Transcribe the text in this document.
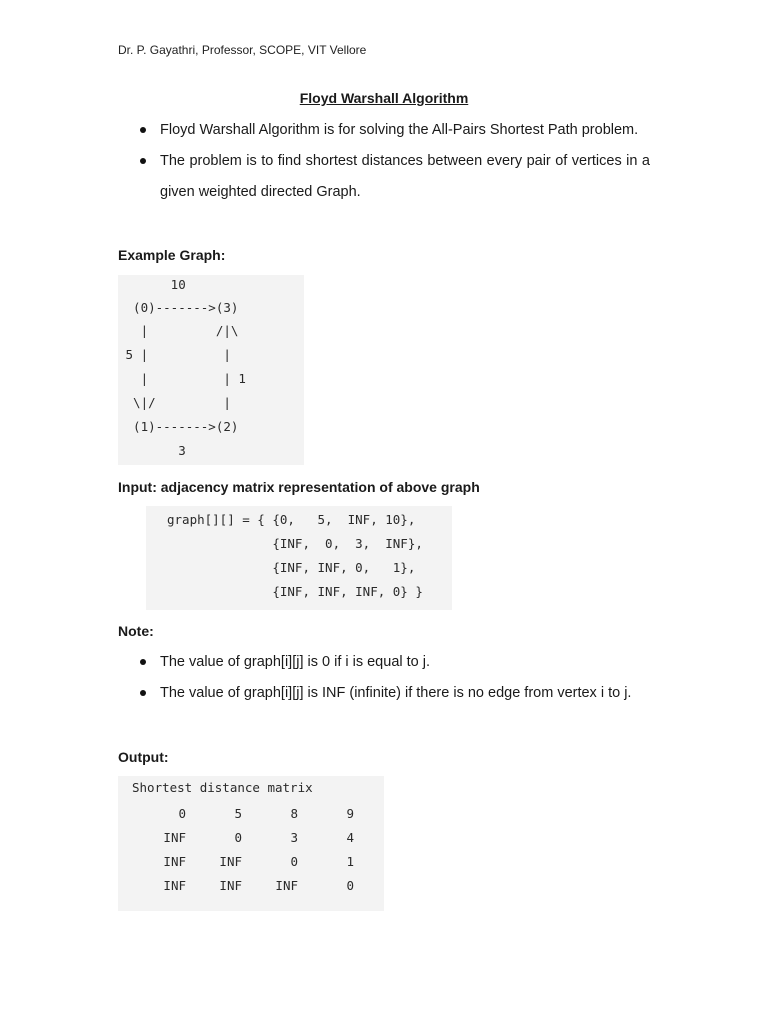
Dr. P. Gayathri, Professor, SCOPE, VIT Vellore
Floyd Warshall Algorithm
Floyd Warshall Algorithm is for solving the All-Pairs Shortest Path problem.
The problem is to find shortest distances between every pair of vertices in a given weighted directed Graph.
Example Graph:
10
(0)------->(3)
|         /|\
5 |          |
|          | 1
\|/         |
(1)------->(2)
3
Input: adjacency matrix representation of above graph
graph[][] = { {0,   5,  INF, 10},
{INF,  0,  3,  INF},
{INF, INF, 0,   1},
{INF, INF, INF, 0} }
Note:
The value of graph[i][j] is 0 if i is equal to j.
The value of graph[i][j] is INF (infinite) if there is no edge from vertex i to j.
Output:
Shortest distance matrix
0	5	8	9
INF	0	3	4
INF	INF	0	1
INF	INF	INF	0
